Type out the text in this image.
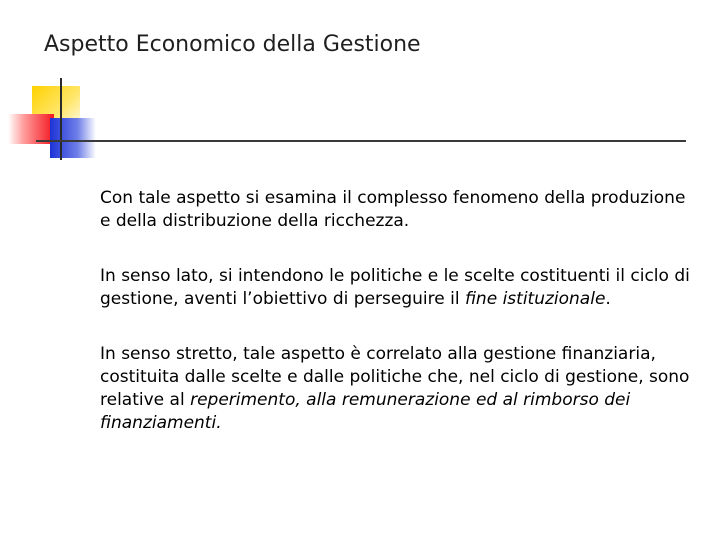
Aspetto Economico della Gestione

Con tale aspetto si esamina il complesso fenomeno della produzione e della distribuzione della ricchezza.

In senso lato, si intendono le politiche e le scelte costituenti il ciclo di gestione, aventi l’obiettivo di perseguire il fine istituzionale.

In senso stretto, tale aspetto è correlato alla gestione finanziaria, costituita dalle scelte e dalle politiche che, nel ciclo di gestione, sono relative al reperimento, alla remunerazione ed al rimborso dei finanziamenti.
